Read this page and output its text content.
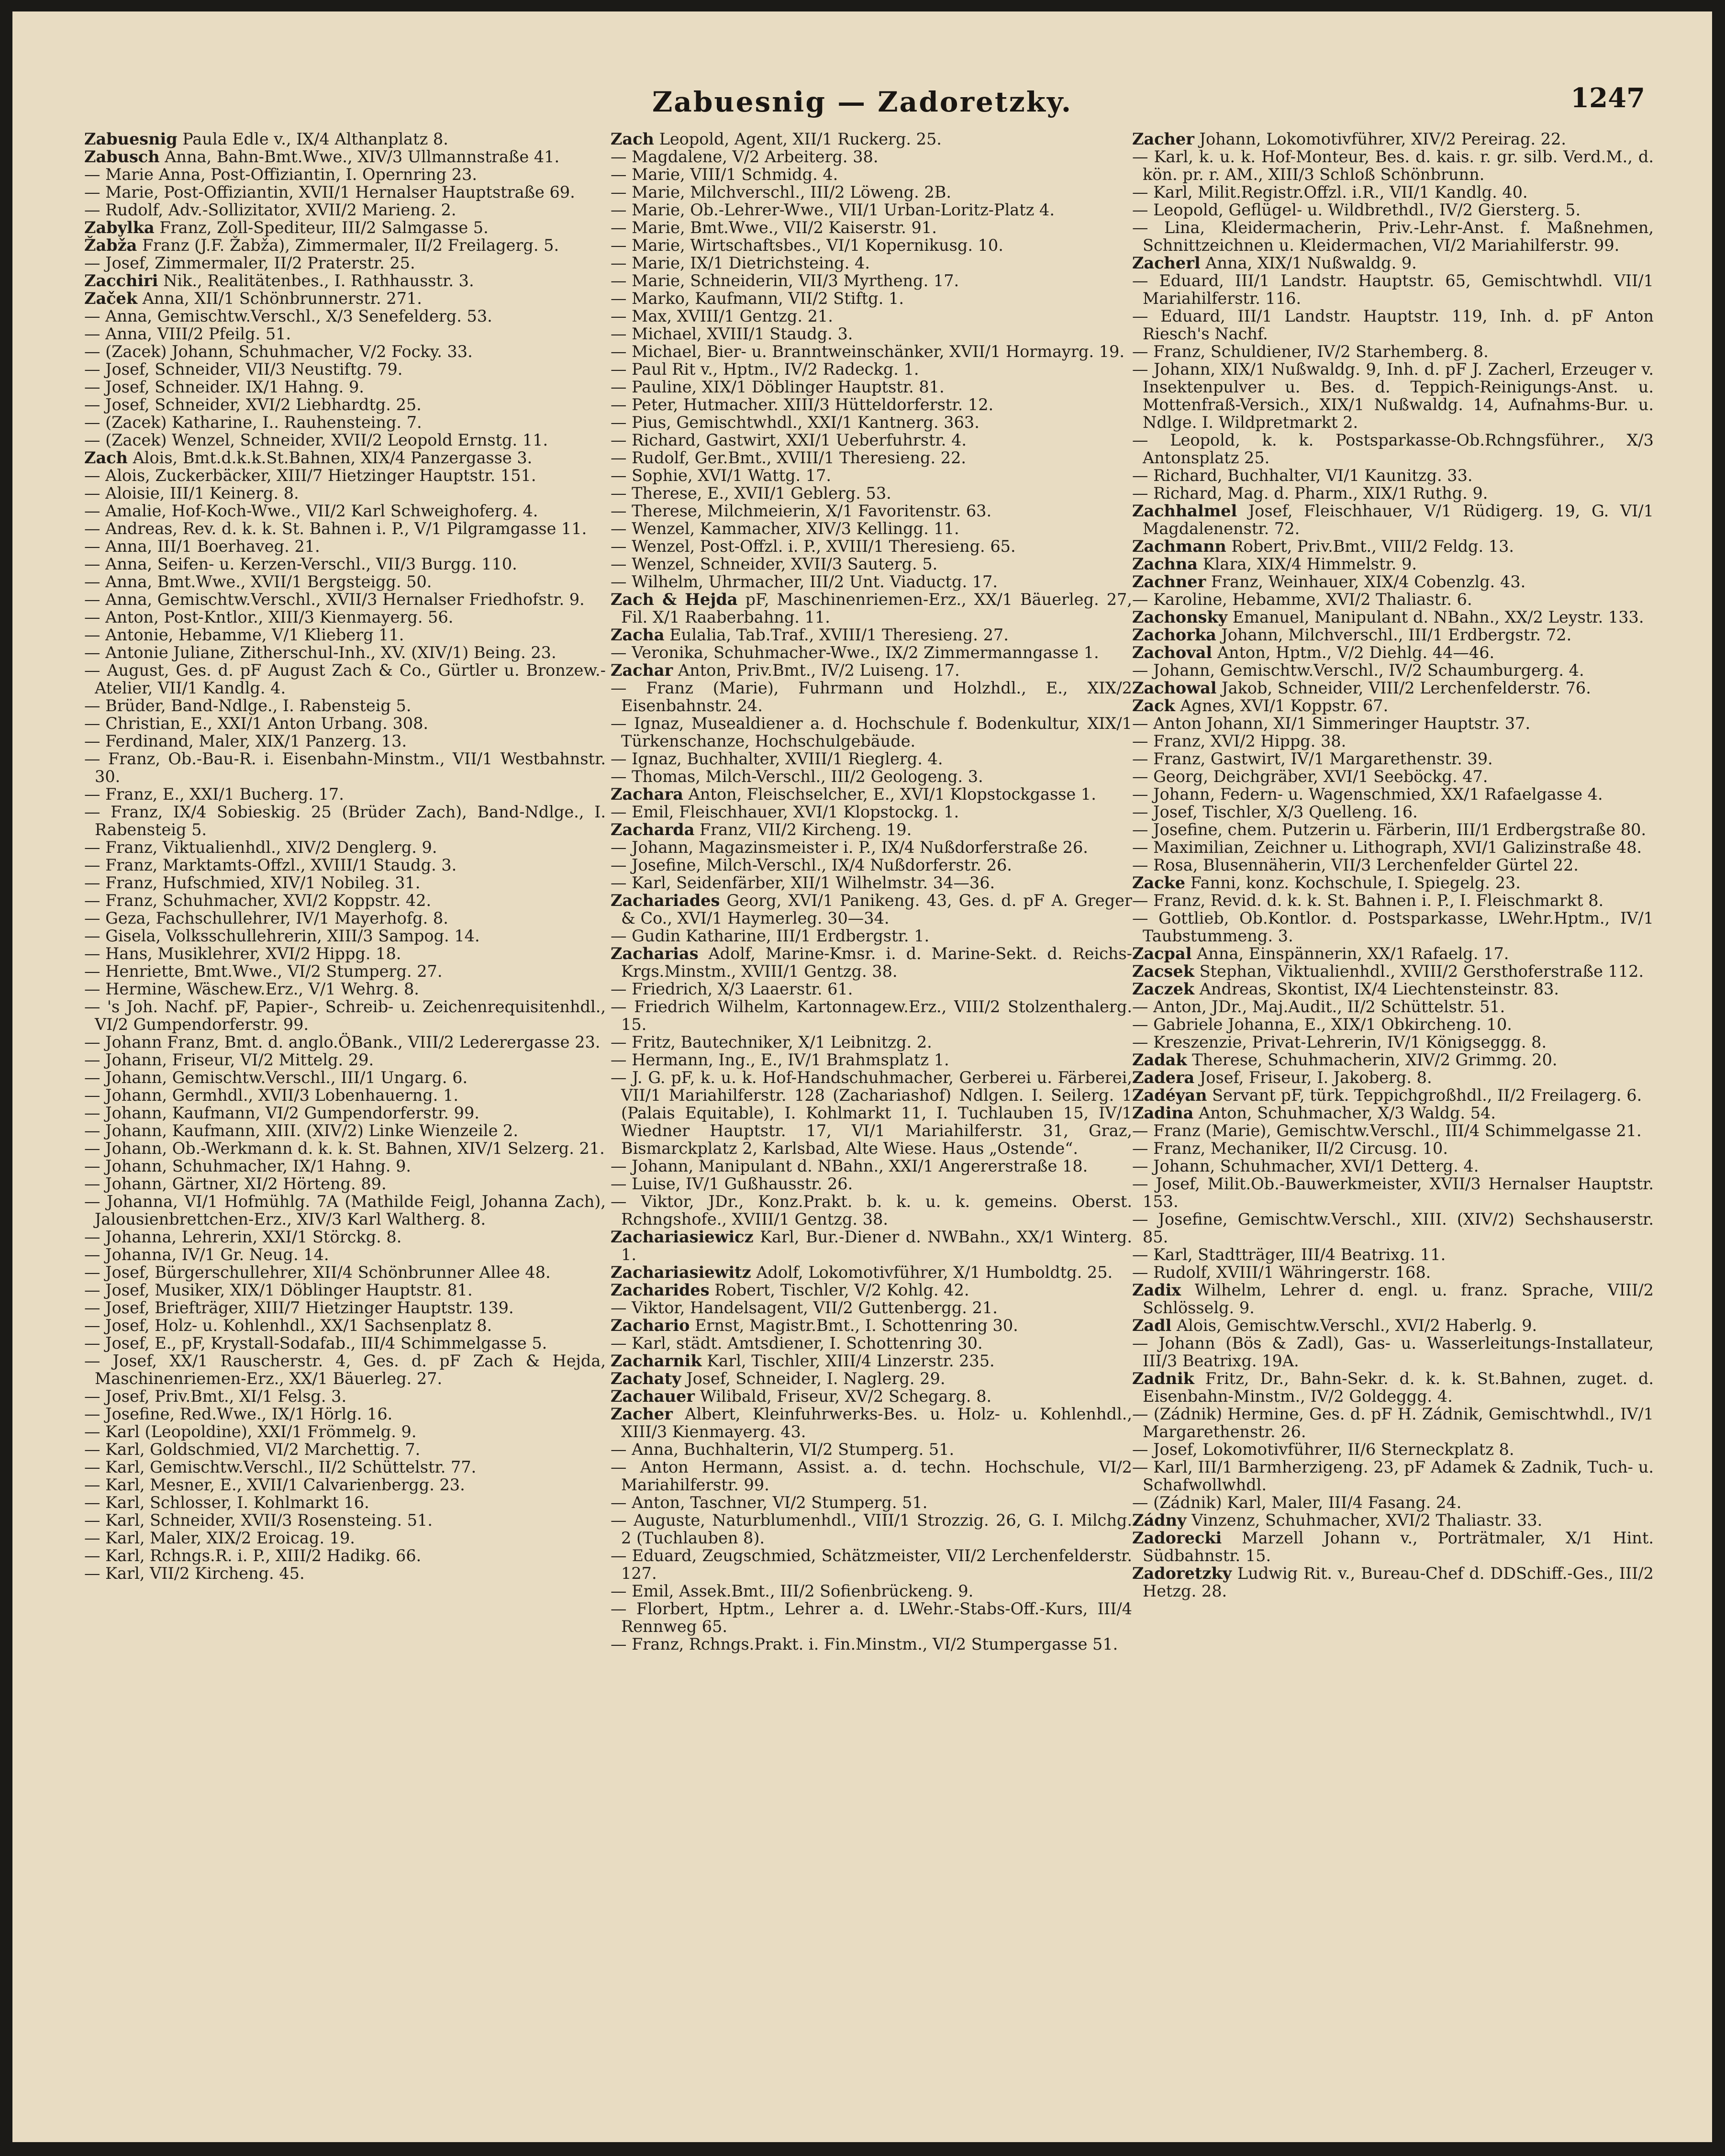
Zabuesnig — Zadoretzky.	1247
Zabuesnig Paula Edle v., IX/4 Althanplatz 8.
Zabusch Anna, Bahn-Bmt.Wwe., XIV/3 Ullmannstraße 41.
— Marie Anna, Post-Offiziantin, I. Opernring 23.
— Marie, Post-Offiziantin, XVII/1 Hernalser Hauptstraße 69.
— Rudolf, Adv.-Sollizitator, XVII/2 Marieng. 2.
Zabylka Franz, Zoll-Spediteur, III/2 Salmgasse 5.
Žabža Franz (J.F. Žabža), Zimmermaler, II/2 Freilagerg. 5.
— Josef, Zimmermaler, II/2 Praterstr. 25.
Zacchiri Nik., Realitätenbes., I. Rathhausstr. 3.
Začek Anna, XII/1 Schönbrunnerstr. 271.
— Anna, Gemischtw.Verschl., X/3 Senefelderg. 53.
— Anna, VIII/2 Pfeilg. 51.
— (Zacek) Johann, Schuhmacher, V/2 Focky. 33.
— Josef, Schneider, VII/3 Neustiftg. 79.
— Josef, Schneider. IX/1 Hahng. 9.
— Josef, Schneider, XVI/2 Liebhardtg. 25.
— (Zacek) Katharine, I.. Rauhensteing. 7.
— (Zacek) Wenzel, Schneider, XVII/2 Leopold Ernstg. 11.
Zach Alois, Bmt.d.k.k.St.Bahnen, XIX/4 Panzergasse 3.
— Alois, Zuckerbäcker, XIII/7 Hietzinger Hauptstr. 151.
— Aloisie, III/1 Keinerg. 8.
— Amalie, Hof-Koch-Wwe., VII/2 Karl Schweighoferg. 4.
— Andreas, Rev. d. k. k. St. Bahnen i. P., V/1 Pilgramgasse 11.
— Anna, III/1 Boerhaveg. 21.
— Anna, Seifen- u. Kerzen-Verschl., VII/3 Burgg. 110.
— Anna, Bmt.Wwe., XVII/1 Bergsteigg. 50.
— Anna, Gemischtw.Verschl., XVII/3 Hernalser Friedhofstr. 9.
— Anton, Post-Kntlor., XIII/3 Kienmayerg. 56.
— Antonie, Hebamme, V/1 Klieberg 11.
— Antonie Juliane, Zitherschul-Inh., XV. (XIV/1) Being. 23.
— August, Ges. d. pF August Zach & Co., Gürtler u. Bronzew.-Atelier, VII/1 Kandlg. 4.
— Brüder, Band-Ndlge., I. Rabensteig 5.
— Christian, E., XXI/1 Anton Urbang. 308.
— Ferdinand, Maler, XIX/1 Panzerg. 13.
— Franz, Ob.-Bau-R. i. Eisenbahn-Minstm., VII/1 Westbahnstr. 30.
— Franz, E., XXI/1 Bucherg. 17.
— Franz, IX/4 Sobieskig. 25 (Brüder Zach), Band-Ndlge., I. Rabensteig 5.
— Franz, Viktualienhdl., XIV/2 Denglerg. 9.
— Franz, Marktamts-Offzl., XVIII/1 Staudg. 3.
— Franz, Hufschmied, XIV/1 Nobileg. 31.
— Franz, Schuhmacher, XVI/2 Koppstr. 42.
— Geza, Fachschullehrer, IV/1 Mayerhofg. 8.
— Gisela, Volksschullehrerin, XIII/3 Sampog. 14.
— Hans, Musiklehrer, XVI/2 Hippg. 18.
— Henriette, Bmt.Wwe., VI/2 Stumperg. 27.
— Hermine, Wäschew.Erz., V/1 Wehrg. 8.
— 's Joh. Nachf. pF, Papier-, Schreib- u. Zeichenrequisitenhdl., VI/2 Gumpendorferstr. 99.
— Johann Franz, Bmt. d. anglo.ÖBank., VIII/2 Lederergasse 23.
— Johann, Friseur, VI/2 Mittelg. 29.
— Johann, Gemischtw.Verschl., III/1 Ungarg. 6.
— Johann, Germhdl., XVII/3 Lobenhauerng. 1.
— Johann, Kaufmann, VI/2 Gumpendorferstr. 99.
— Johann, Kaufmann, XIII. (XIV/2) Linke Wienzeile 2.
— Johann, Ob.-Werkmann d. k. k. St. Bahnen, XIV/1 Selzerg. 21.
— Johann, Schuhmacher, IX/1 Hahng. 9.
— Johann, Gärtner, XI/2 Hörteng. 89.
— Johanna, VI/1 Hofmühlg. 7A (Mathilde Feigl, Johanna Zach), Jalousienbrettchen-Erz., XIV/3 Karl Waltherg. 8.
— Johanna, Lehrerin, XXI/1 Störckg. 8.
— Johanna, IV/1 Gr. Neug. 14.
— Josef, Bürgerschullehrer, XII/4 Schönbrunner Allee 48.
— Josef, Musiker, XIX/1 Döblinger Hauptstr. 81.
— Josef, Briefträger, XIII/7 Hietzinger Hauptstr. 139.
— Josef, Holz- u. Kohlenhdl., XX/1 Sachsenplatz 8.
— Josef, E., pF, Krystall-Sodafab., III/4 Schimmelgasse 5.
— Josef, XX/1 Rauscherstr. 4, Ges. d. pF Zach & Hejda, Maschinenriemen-Erz., XX/1 Bäuerleg. 27.
— Josef, Priv.Bmt., XI/1 Felsg. 3.
— Josefine, Red.Wwe., IX/1 Hörlg. 16.
— Karl (Leopoldine), XXI/1 Frömmelg. 9.
— Karl, Goldschmied, VI/2 Marchettig. 7.
— Karl, Gemischtw.Verschl., II/2 Schüttelstr. 77.
— Karl, Mesner, E., XVII/1 Calvarienbergg. 23.
— Karl, Schlosser, I. Kohlmarkt 16.
— Karl, Schneider, XVII/3 Rosensteing. 51.
— Karl, Maler, XIX/2 Eroicag. 19.
— Karl, Rchngs.R. i. P., XIII/2 Hadikg. 66.
— Karl, VII/2 Kircheng. 45.
Zach Leopold, Agent, XII/1 Ruckerg. 25.
— Magdalene, V/2 Arbeiterg. 38.
— Marie, VIII/1 Schmidg. 4.
— Marie, Milchverschl., III/2 Löweng. 2B.
— Marie, Ob.-Lehrer-Wwe., VII/1 Urban-Loritz-Platz 4.
— Marie, Bmt.Wwe., VII/2 Kaiserstr. 91.
— Marie, Wirtschaftsbes., VI/1 Kopernikusg. 10.
— Marie, IX/1 Dietrichsteing. 4.
— Marie, Schneiderin, VII/3 Myrtheng. 17.
— Marko, Kaufmann, VII/2 Stiftg. 1.
— Max, XVIII/1 Gentzg. 21.
— Michael, XVIII/1 Staudg. 3.
— Michael, Bier- u. Branntweinschänker, XVII/1 Hormayrg. 19.
— Paul Rit v., Hptm., IV/2 Radeckg. 1.
— Pauline, XIX/1 Döblinger Hauptstr. 81.
— Peter, Hutmacher. XIII/3 Hütteldorferstr. 12.
— Pius, Gemischtwhdl., XXI/1 Kantnerg. 363.
— Richard, Gastwirt, XXI/1 Ueberfuhrstr. 4.
— Rudolf, Ger.Bmt., XVIII/1 Theresieng. 22.
— Sophie, XVI/1 Wattg. 17.
— Therese, E., XVII/1 Geblerg. 53.
— Therese, Milchmeierin, X/1 Favoritenstr. 63.
— Wenzel, Kammacher, XIV/3 Kellingg. 11.
— Wenzel, Post-Offzl. i. P., XVIII/1 Theresieng. 65.
— Wenzel, Schneider, XVII/3 Sauterg. 5.
— Wilhelm, Uhrmacher, III/2 Unt. Viaductg. 17.
Zach & Hejda pF, Maschinenriemen-Erz., XX/1 Bäuerleg. 27, Fil. X/1 Raaberbahng. 11.
Zacha Eulalia, Tab.Traf., XVIII/1 Theresieng. 27.
— Veronika, Schuhmacher-Wwe., IX/2 Zimmermanngasse 1.
Zachar Anton, Priv.Bmt., IV/2 Luiseng. 17.
— Franz (Marie), Fuhrmann und Holzhdl., E., XIX/2 Eisenbahnstr. 24.
— Ignaz, Musealdiener a. d. Hochschule f. Bodenkultur, XIX/1 Türkenschanze, Hochschulgebäude.
— Ignaz, Buchhalter, XVIII/1 Rieglerg. 4.
— Thomas, Milch-Verschl., III/2 Geologeng. 3.
Zachara Anton, Fleischselcher, E., XVI/1 Klopstockgasse 1.
— Emil, Fleischhauer, XVI/1 Klopstockg. 1.
Zacharda Franz, VII/2 Kircheng. 19.
— Johann, Magazinsmeister i. P., IX/4 Nußdorferstraße 26.
— Josefine, Milch-Verschl., IX/4 Nußdorferstr. 26.
— Karl, Seidenfärber, XII/1 Wilhelmstr. 34—36.
Zachariades Georg, XVI/1 Panikeng. 43, Ges. d. pF A. Greger & Co., XVI/1 Haymerleg. 30—34.
— Gudin Katharine, III/1 Erdbergstr. 1.
Zacharias Adolf, Marine-Kmsr. i. d. Marine-Sekt. d. Reichs-Krgs.Minstm., XVIII/1 Gentzg. 38.
— Friedrich, X/3 Laaerstr. 61.
— Friedrich Wilhelm, Kartonnagew.Erz., VIII/2 Stolzenthalerg. 15.
— Fritz, Bautechniker, X/1 Leibnitzg. 2.
— Hermann, Ing., E., IV/1 Brahmsplatz 1.
— J. G. pF, k. u. k. Hof-Handschuhmacher, Gerberei u. Färberei, VII/1 Mariahilferstr. 128 (Zachariashof) Ndlgen. I. Seilerg. 1 (Palais Equitable), I. Kohlmarkt 11, I. Tuchlauben 15, IV/1 Wiedner Hauptstr. 17, VI/1 Mariahilferstr. 31, Graz, Bismarckplatz 2, Karlsbad, Alte Wiese. Haus „Ostende“.
— Johann, Manipulant d. NBahn., XXI/1 Angererstraße 18.
— Luise, IV/1 Gußhausstr. 26.
— Viktor, JDr., Konz.Prakt. b. k. u. k. gemeins. Oberst. Rchngshofe., XVIII/1 Gentzg. 38.
Zachariasiewicz Karl, Bur.-Diener d. NWBahn., XX/1 Winterg. 1.
Zachariasiewitz Adolf, Lokomotivführer, X/1 Humboldtg. 25.
Zacharides Robert, Tischler, V/2 Kohlg. 42.
— Viktor, Handelsagent, VII/2 Guttenbergg. 21.
Zachario Ernst, Magistr.Bmt., I. Schottenring 30.
— Karl, städt. Amtsdiener, I. Schottenring 30.
Zacharnik Karl, Tischler, XIII/4 Linzerstr. 235.
Zachaty Josef, Schneider, I. Naglerg. 29.
Zachauer Wilibald, Friseur, XV/2 Schegarg. 8.
Zacher Albert, Kleinfuhrwerks-Bes. u. Holz- u. Kohlenhdl., XIII/3 Kienmayerg. 43.
— Anna, Buchhalterin, VI/2 Stumperg. 51.
— Anton Hermann, Assist. a. d. techn. Hochschule, VI/2 Mariahilferstr. 99.
— Anton, Taschner, VI/2 Stumperg. 51.
— Auguste, Naturblumenhdl., VIII/1 Strozzig. 26, G. I. Milchg. 2 (Tuchlauben 8).
— Eduard, Zeugschmied, Schätzmeister, VII/2 Lerchenfelderstr. 127.
— Emil, Assek.Bmt., III/2 Sofienbrückeng. 9.
— Florbert, Hptm., Lehrer a. d. LWehr.-Stabs-Off.-Kurs, III/4 Rennweg 65.
— Franz, Rchngs.Prakt. i. Fin.Minstm., VI/2 Stumpergasse 51.
Zacher Johann, Lokomotivführer, XIV/2 Pereirag. 22.
— Karl, k. u. k. Hof-Monteur, Bes. d. kais. r. gr. silb. Verd.M., d. kön. pr. r. AM., XIII/3 Schloß Schönbrunn.
— Karl, Milit.Registr.Offzl. i.R., VII/1 Kandlg. 40.
— Leopold, Geflügel- u. Wildbrethdl., IV/2 Giersterg. 5.
— Lina, Kleidermacherin, Priv.-Lehr-Anst. f. Maßnehmen, Schnittzeichnen u. Kleidermachen, VI/2 Mariahilferstr. 99.
Zacherl Anna, XIX/1 Nußwaldg. 9.
— Eduard, III/1 Landstr. Hauptstr. 65, Gemischtwhdl. VII/1 Mariahilferstr. 116.
— Eduard, III/1 Landstr. Hauptstr. 119, Inh. d. pF Anton Riesch's Nachf.
— Franz, Schuldiener, IV/2 Starhemberg. 8.
— Johann, XIX/1 Nußwaldg. 9, Inh. d. pF J. Zacherl, Erzeuger v. Insektenpulver u. Bes. d. Teppich-Reinigungs-Anst. u. Mottenfraß-Versich., XIX/1 Nußwaldg. 14, Aufnahms-Bur. u. Ndlge. I. Wildpretmarkt 2.
— Leopold, k. k. Postsparkasse-Ob.Rchngsführer., X/3 Antonsplatz 25.
— Richard, Buchhalter, VI/1 Kaunitzg. 33.
— Richard, Mag. d. Pharm., XIX/1 Ruthg. 9.
Zachhalmel Josef, Fleischhauer, V/1 Rüdigerg. 19, G. VI/1 Magdalenenstr. 72.
Zachmann Robert, Priv.Bmt., VIII/2 Feldg. 13.
Zachna Klara, XIX/4 Himmelstr. 9.
Zachner Franz, Weinhauer, XIX/4 Cobenzlg. 43.
— Karoline, Hebamme, XVI/2 Thaliastr. 6.
Zachonsky Emanuel, Manipulant d. NBahn., XX/2 Leystr. 133.
Zachorka Johann, Milchverschl., III/1 Erdbergstr. 72.
Zachoval Anton, Hptm., V/2 Diehlg. 44—46.
— Johann, Gemischtw.Verschl., IV/2 Schaumburgerg. 4.
Zachowal Jakob, Schneider, VIII/2 Lerchenfelderstr. 76.
Zack Agnes, XVI/1 Koppstr. 67.
— Anton Johann, XI/1 Simmeringer Hauptstr. 37.
— Franz, XVI/2 Hippg. 38.
— Franz, Gastwirt, IV/1 Margarethenstr. 39.
— Georg, Deichgräber, XVI/1 Seeböckg. 47.
— Johann, Federn- u. Wagenschmied, XX/1 Rafaelgasse 4.
— Josef, Tischler, X/3 Quelleng. 16.
— Josefine, chem. Putzerin u. Färberin, III/1 Erdbergstraße 80.
— Maximilian, Zeichner u. Lithograph, XVI/1 Galizinstraße 48.
— Rosa, Blusennäherin, VII/3 Lerchenfelder Gürtel 22.
Zacke Fanni, konz. Kochschule, I. Spiegelg. 23.
— Franz, Revid. d. k. k. St. Bahnen i. P., I. Fleischmarkt 8.
— Gottlieb, Ob.Kontlor. d. Postsparkasse, LWehr.Hptm., IV/1 Taubstummeng. 3.
Zacpal Anna, Einspännerin, XX/1 Rafaelg. 17.
Zacsek Stephan, Viktualienhdl., XVIII/2 Gersthoferstraße 112.
Zaczek Andreas, Skontist, IX/4 Liechtensteinstr. 83.
— Anton, JDr., Maj.Audit., II/2 Schüttelstr. 51.
— Gabriele Johanna, E., XIX/1 Obkircheng. 10.
— Kreszenzie, Privat-Lehrerin, IV/1 Königseggg. 8.
Zadak Therese, Schuhmacherin, XIV/2 Grimmg. 20.
Zadera Josef, Friseur, I. Jakoberg. 8.
Zadéyan Servant pF, türk. Teppichgroßhdl., II/2 Freilagerg. 6.
Zadina Anton, Schuhmacher, X/3 Waldg. 54.
— Franz (Marie), Gemischtw.Verschl., III/4 Schimmelgasse 21.
— Franz, Mechaniker, II/2 Circusg. 10.
— Johann, Schuhmacher, XVI/1 Detterg. 4.
— Josef, Milit.Ob.-Bauwerkmeister, XVII/3 Hernalser Hauptstr. 153.
— Josefine, Gemischtw.Verschl., XIII. (XIV/2) Sechshauserstr. 85.
— Karl, Stadtträger, III/4 Beatrixg. 11.
— Rudolf, XVIII/1 Währingerstr. 168.
Zadix Wilhelm, Lehrer d. engl. u. franz. Sprache, VIII/2 Schlösselg. 9.
Zadl Alois, Gemischtw.Verschl., XVI/2 Haberlg. 9.
— Johann (Bös & Zadl), Gas- u. Wasserleitungs-Installateur, III/3 Beatrixg. 19A.
Zadnik Fritz, Dr., Bahn-Sekr. d. k. k. St.Bahnen, zuget. d. Eisenbahn-Minstm., IV/2 Goldeggg. 4.
— (Zádnik) Hermine, Ges. d. pF H. Zádnik, Gemischtwhdl., IV/1 Margarethenstr. 26.
— Josef, Lokomotivführer, II/6 Sterneckplatz 8.
— Karl, III/1 Barmherzigeng. 23, pF Adamek & Zadnik, Tuch- u. Schafwollwhdl.
— (Zádnik) Karl, Maler, III/4 Fasang. 24.
Zádny Vinzenz, Schuhmacher, XVI/2 Thaliastr. 33.
Zadorecki Marzell Johann v., Porträtmaler, X/1 Hint. Südbahnstr. 15.
Zadoretzky Ludwig Rit. v., Bureau-Chef d. DDSchiff.-Ges., III/2 Hetzg. 28.
